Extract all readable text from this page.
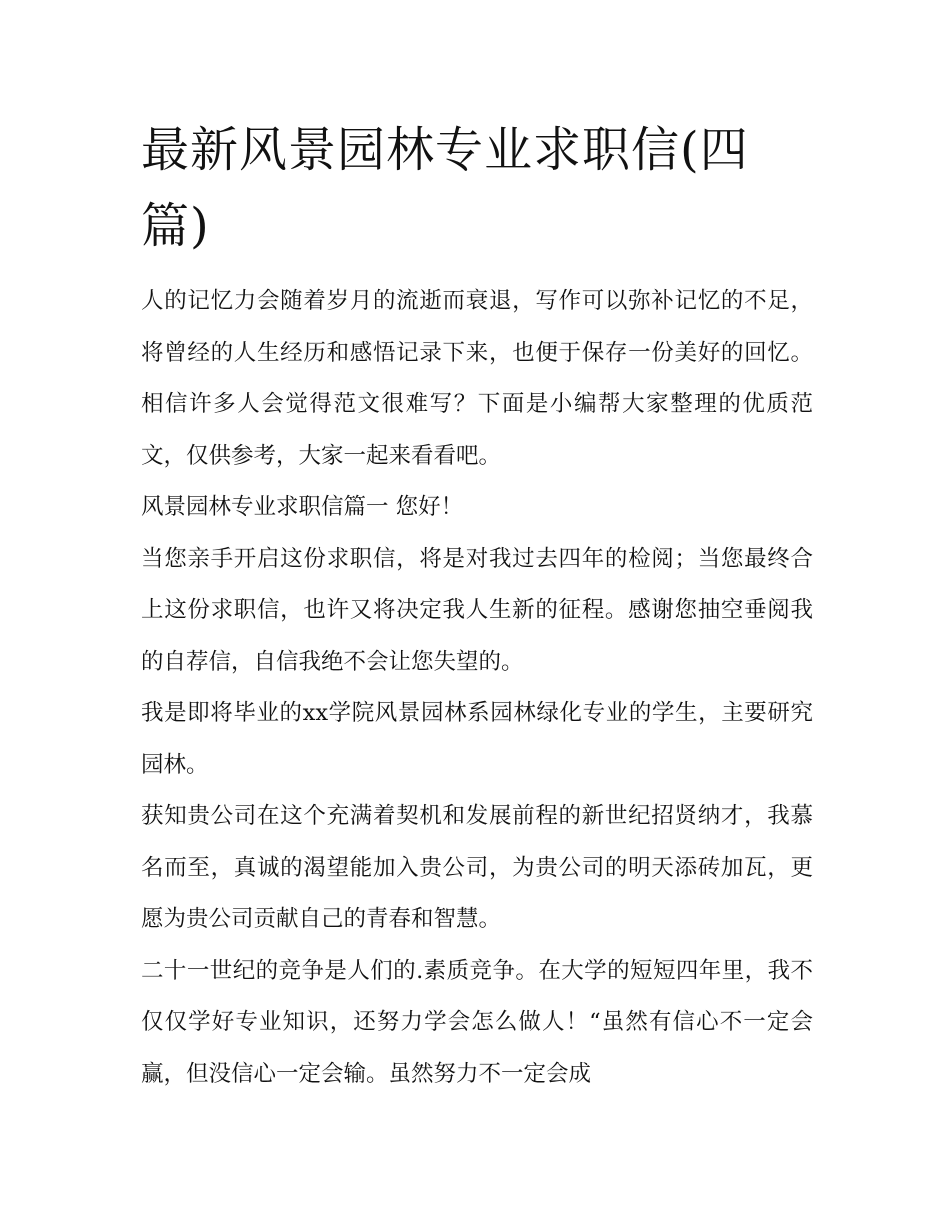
最新风景园林专业求职信(四篇)

人的记忆力会随着岁月的流逝而衰退，写作可以弥补记忆的不足，将曾经的人生经历和感悟记录下来，也便于保存一份美好的回忆。相信许多人会觉得范文很难写？下面是小编帮大家整理的优质范文，仅供参考，大家一起来看看吧。

风景园林专业求职信篇一 您好！

当您亲手开启这份求职信，将是对我过去四年的检阅；当您最终合上这份求职信，也许又将决定我人生新的征程。感谢您抽空垂阅我的自荐信，自信我绝不会让您失望的。

我是即将毕业的xx学院风景园林系园林绿化专业的学生，主要研究园林。

获知贵公司在这个充满着契机和发展前程的新世纪招贤纳才，我慕名而至，真诚的渴望能加入贵公司，为贵公司的明天添砖加瓦，更愿为贵公司贡献自己的青春和智慧。

二十一世纪的竞争是人们的.素质竞争。在大学的短短四年里，我不仅仅学好专业知识，还努力学会怎么做人！“虽然有信心不一定会赢，但没信心一定会输。虽然努力不一定会成
